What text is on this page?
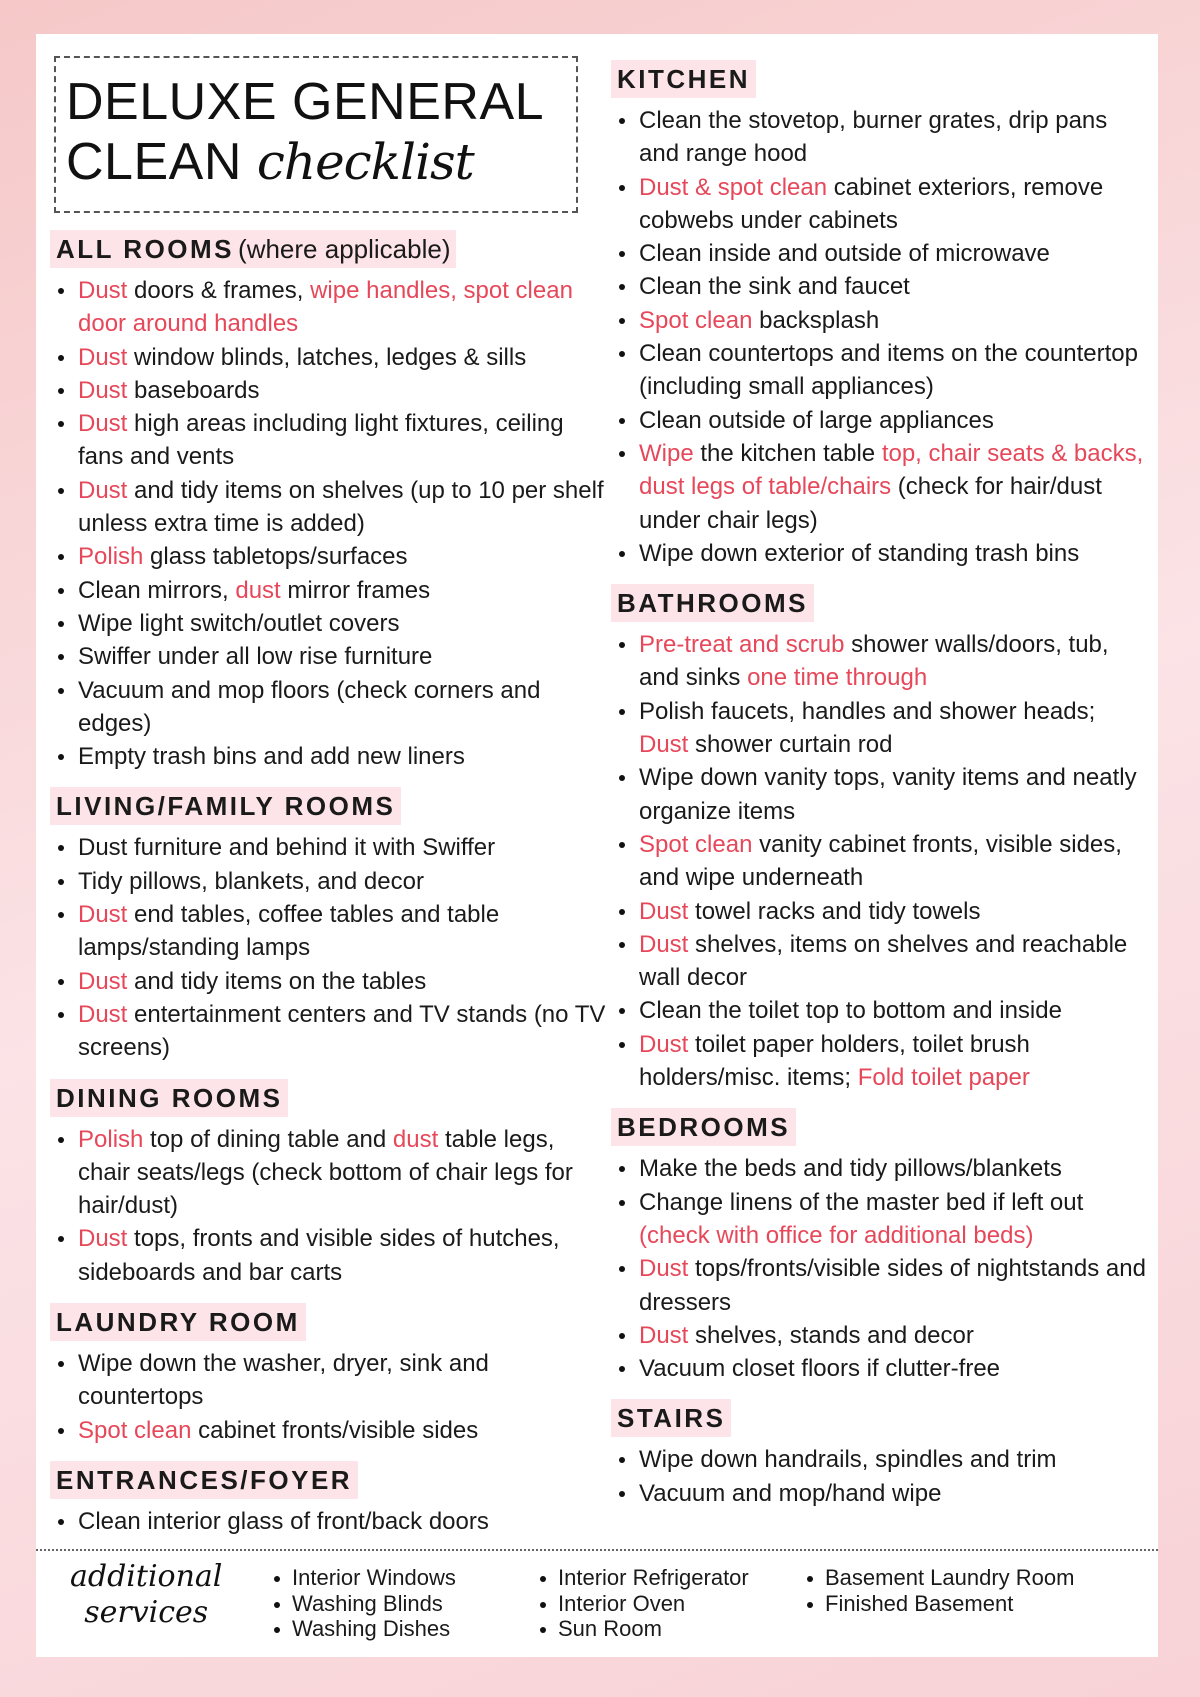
DELUXE GENERAL
CLEAN checklist
ALL ROOMS (where applicable)
Dust doors & frames, wipe handles, spot clean door around handles
Dust window blinds, latches, ledges & sills
Dust baseboards
Dust high areas including light fixtures, ceiling fans and vents
Dust and tidy items on shelves (up to 10 per shelf unless extra time is added)
Polish glass tabletops/surfaces
Clean mirrors, dust mirror frames
Wipe light switch/outlet covers
Swiffer under all low rise furniture
Vacuum and mop floors (check corners and edges)
Empty trash bins and add new liners
LIVING/FAMILY ROOMS
Dust furniture and behind it with Swiffer
Tidy pillows, blankets, and decor
Dust end tables, coffee tables and table lamps/standing lamps
Dust and tidy items on the tables
Dust entertainment centers and TV stands (no TV screens)
DINING ROOMS
Polish top of dining table and dust table legs, chair seats/legs (check bottom of chair legs for hair/dust)
Dust tops, fronts and visible sides of hutches, sideboards and bar carts
LAUNDRY ROOM
Wipe down the washer, dryer, sink and countertops
Spot clean cabinet fronts/visible sides
ENTRANCES/FOYER
Clean interior glass of front/back doors
KITCHEN
Clean the stovetop, burner grates, drip pans and range hood
Dust & spot clean cabinet exteriors, remove cobwebs under cabinets
Clean inside and outside of microwave
Clean the sink and faucet
Spot clean backsplash
Clean countertops and items on the countertop (including small appliances)
Clean outside of large appliances
Wipe the kitchen table top, chair seats & backs, dust legs of table/chairs (check for hair/dust under chair legs)
Wipe down exterior of standing trash bins
BATHROOMS
Pre-treat and scrub shower walls/doors, tub, and sinks one time through
Polish faucets, handles and shower heads; Dust shower curtain rod
Wipe down vanity tops, vanity items and neatly organize items
Spot clean vanity cabinet fronts, visible sides, and wipe underneath
Dust towel racks and tidy towels
Dust shelves, items on shelves and reachable wall decor
Clean the toilet top to bottom and inside
Dust toilet paper holders, toilet brush holders/misc. items; Fold toilet paper
BEDROOMS
Make the beds and tidy pillows/blankets
Change linens of the master bed if left out (check with office for additional beds)
Dust tops/fronts/visible sides of nightstands and dressers
Dust shelves, stands and decor
Vacuum closet floors if clutter-free
STAIRS
Wipe down handrails, spindles and trim
Vacuum and mop/hand wipe
additional
services
Interior Windows
Washing Blinds
Washing Dishes
Interior Refrigerator
Interior Oven
Sun Room
Basement Laundry Room
Finished Basement
